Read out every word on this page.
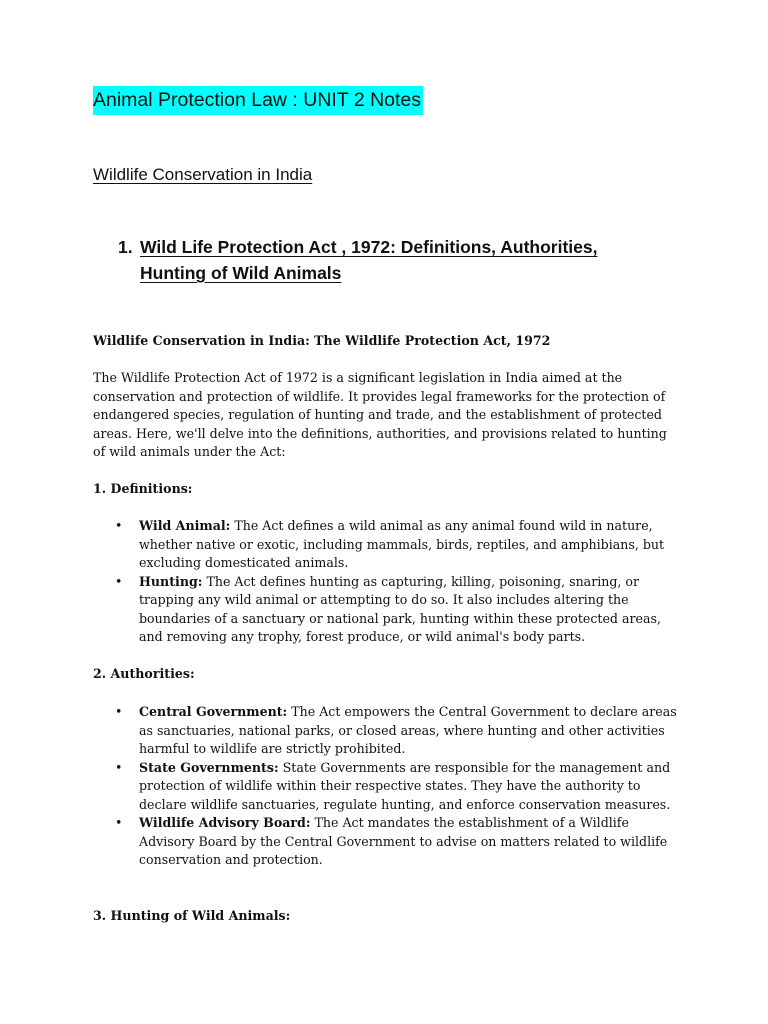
Animal Protection Law : UNIT 2 Notes
Wildlife Conservation in India
1. Wild Life Protection Act , 1972: Definitions, Authorities, Hunting of Wild Animals
Wildlife Conservation in India: The Wildlife Protection Act, 1972

The Wildlife Protection Act of 1972 is a significant legislation in India aimed at the conservation and protection of wildlife. It provides legal frameworks for the protection of endangered species, regulation of hunting and trade, and the establishment of protected areas. Here, we'll delve into the definitions, authorities, and provisions related to hunting of wild animals under the Act:

1. Definitions:
• Wild Animal: The Act defines a wild animal as any animal found wild in nature, whether native or exotic, including mammals, birds, reptiles, and amphibians, but excluding domesticated animals.
• Hunting: The Act defines hunting as capturing, killing, poisoning, snaring, or trapping any wild animal or attempting to do so. It also includes altering the boundaries of a sanctuary or national park, hunting within these protected areas, and removing any trophy, forest produce, or wild animal's body parts.
2. Authorities:
• Central Government: The Act empowers the Central Government to declare areas as sanctuaries, national parks, or closed areas, where hunting and other activities harmful to wildlife are strictly prohibited.
• State Governments: State Governments are responsible for the management and protection of wildlife within their respective states. They have the authority to declare wildlife sanctuaries, regulate hunting, and enforce conservation measures.
• Wildlife Advisory Board: The Act mandates the establishment of a Wildlife Advisory Board by the Central Government to advise on matters related to wildlife conservation and protection.
3. Hunting of Wild Animals:
